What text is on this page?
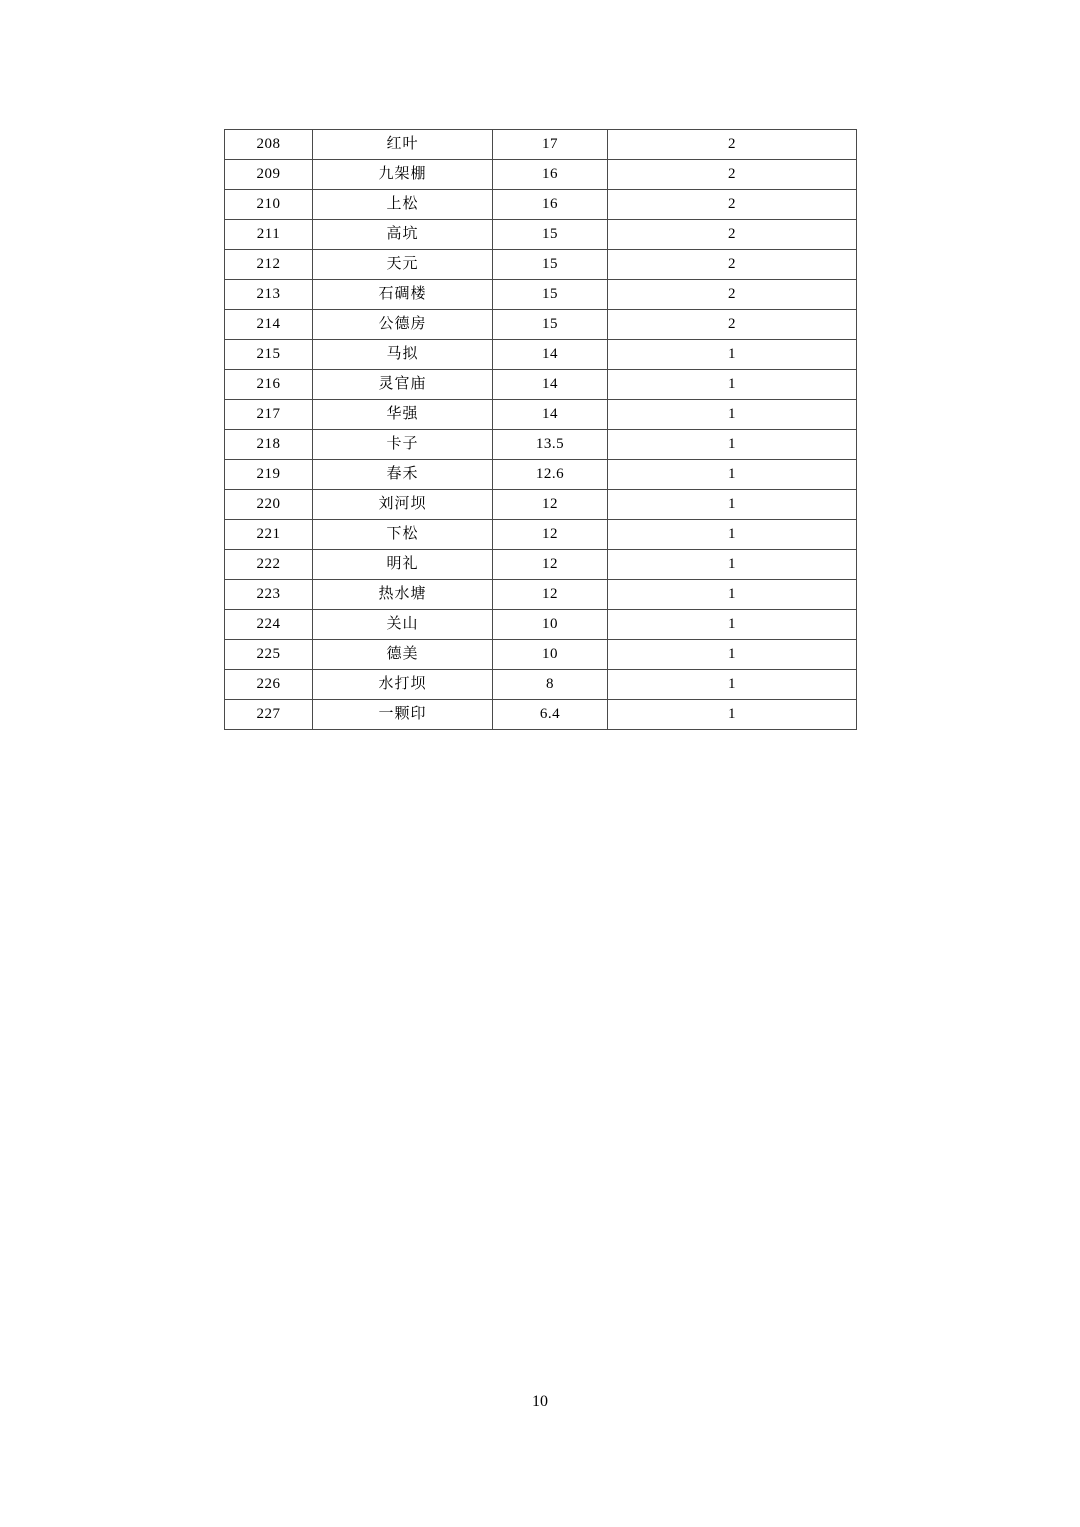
208	红叶	17	2
209	九架棚	16	2
210	上松	16	2
211	高坑	15	2
212	天元	15	2
213	石碉楼	15	2
214	公德房	15	2
215	马拟	14	1
216	灵官庙	14	1
217	华强	14	1
218	卡子	13.5	1
219	春禾	12.6	1
220	刘河坝	12	1
221	下松	12	1
222	明礼	12	1
223	热水塘	12	1
224	关山	10	1
225	德美	10	1
226	水打坝	8	1
227	一颗印	6.4	1
10
